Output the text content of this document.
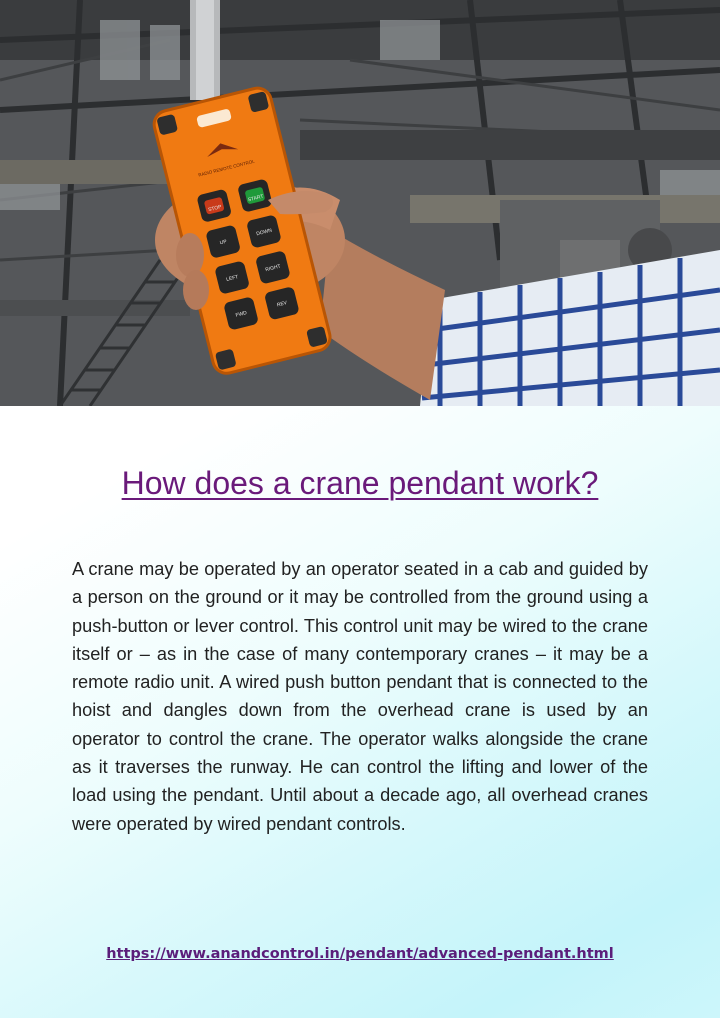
RADIO REMOTE CONTROL
STOP
START
UP
DOWN
LEFT
RIGHT
FWD
REV
How does a crane pendant work?

A crane may be operated by an operator seated in a cab and guided by a person on the ground or it may be controlled from the ground using a push-button or lever control. This control unit may be wired to the crane itself or – as in the case of many contemporary cranes – it may be a remote radio unit. A wired push button pendant that is connected to the hoist and dangles down from the overhead crane is used by an operator to control the crane. The operator walks alongside the crane as it traverses the runway. He can control the lifting and lower of the load using the pendant. Until about a decade ago, all overhead cranes were operated by wired pendant controls.

https://www.anandcontrol.in/pendant/advanced-pendant.html
